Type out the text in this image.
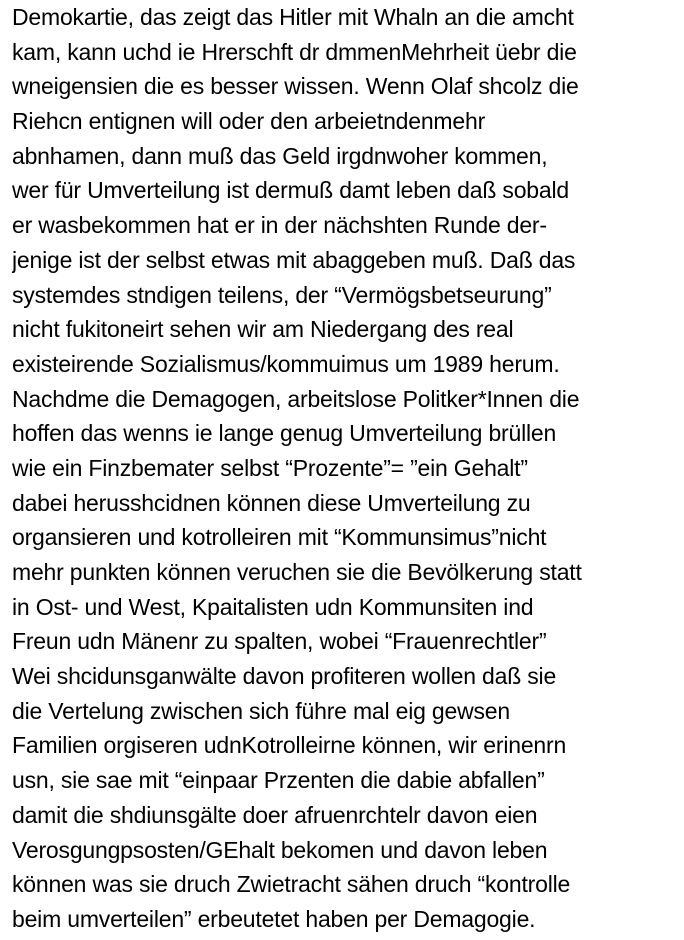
Demokartie, das zeigt das Hitler mit Whaln an die amcht
kam, kann uchd ie Hrerschft dr dmmenMehrheit üebr die
wneigensien die es besser wissen. Wenn Olaf shcolz die
Riehcn entignen will oder den arbeietndenmehr
abnhamen, dann muß das Geld irgdnwoher kommen,
wer für Umverteilung ist dermuß damt leben daß sobald
er wasbekommen hat er in der nächshten Runde der-
jenige ist der selbst etwas mit abaggeben muß. Daß das
systemdes stndigen teilens, der “Vermögsbetseurung”
nicht fukitoneirt sehen wir am Niedergang des real
existeirende Sozialismus/kommuimus um 1989 herum.
Nachdme die Demagogen, arbeitslose Politker*Innen die
hoffen das wenns ie lange genug Umverteilung brüllen
wie ein Finzbemater selbst “Prozente”= ”ein Gehalt”
dabei herusshcidnen können diese Umverteilung zu
organsieren und kotrolleiren mit “Kommunsimus”nicht
mehr punkten können veruchen sie die Bevölkerung statt
in Ost- und West, Kpaitalisten udn Kommunsiten ind
Freun udn Mänenr zu spalten, wobei “Frauenrechtler”
Wei shcidunsganwälte davon profiteren wollen daß sie
die Vertelung zwischen sich führe mal eig gewsen
Familien orgiseren udnKotrolleirne können, wir erinenrn
usn, sie sae mit “einpaar Przenten die dabie abfallen”
damit die shdiunsgälte doer afruenrchtelr davon eien
Verosgungpsosten/GEhalt bekomen und davon leben
können was sie druch Zwietracht sähen druch “kontrolle
beim umverteilen” erbeutetet haben per Demagogie.
